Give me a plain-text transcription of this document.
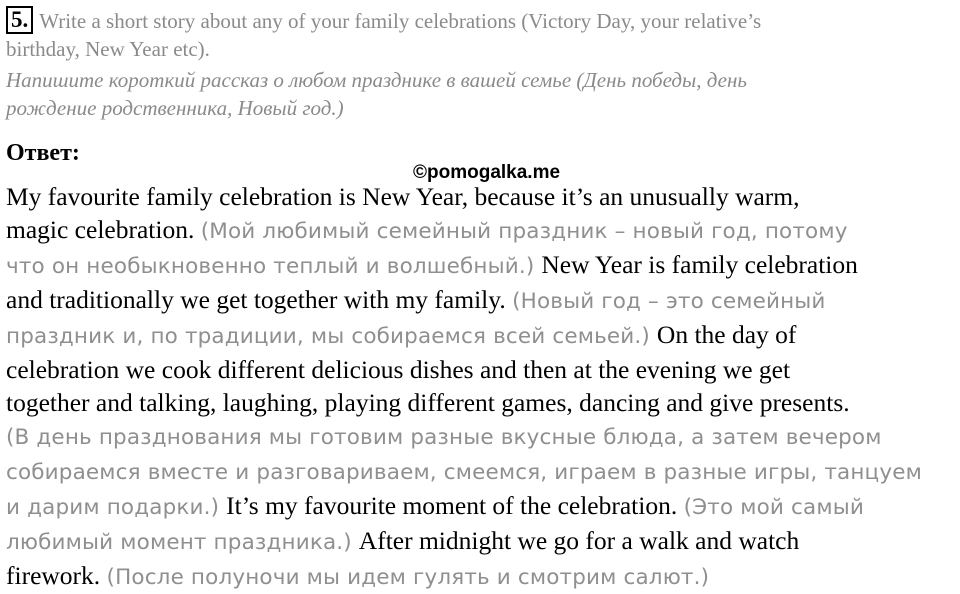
5. Write a short story about any of your family celebrations (Victory Day, your relative’s
birthday, New Year etc).
Напишите короткий рассказ о любом празднике в вашей семье (День победы, день
рождение родственника, Новый год.)
Ответ:
©pomogalka.me
My favourite family celebration is New Year, because it’s an unusually warm,
magic celebration. (Мой любимый семейный праздник – новый год, потому
что он необыкновенно теплый и волшебный.) New Year is family celebration
and traditionally we get together with my family. (Новый год – это семейный
праздник и, по традиции, мы собираемся всей семьей.) On the day of
celebration we cook different delicious dishes and then at the evening we get
together and talking, laughing, playing different games, dancing and give presents.
(В день празднования мы готовим разные вкусные блюда, а затем вечером
собираемся вместе и разговариваем, смеемся, играем в разные игры, танцуем
и дарим подарки.) It’s my favourite moment of the celebration. (Это мой самый
любимый момент праздника.) After midnight we go for a walk and watch
firework. (После полуночи мы идем гулять и смотрим салют.)
